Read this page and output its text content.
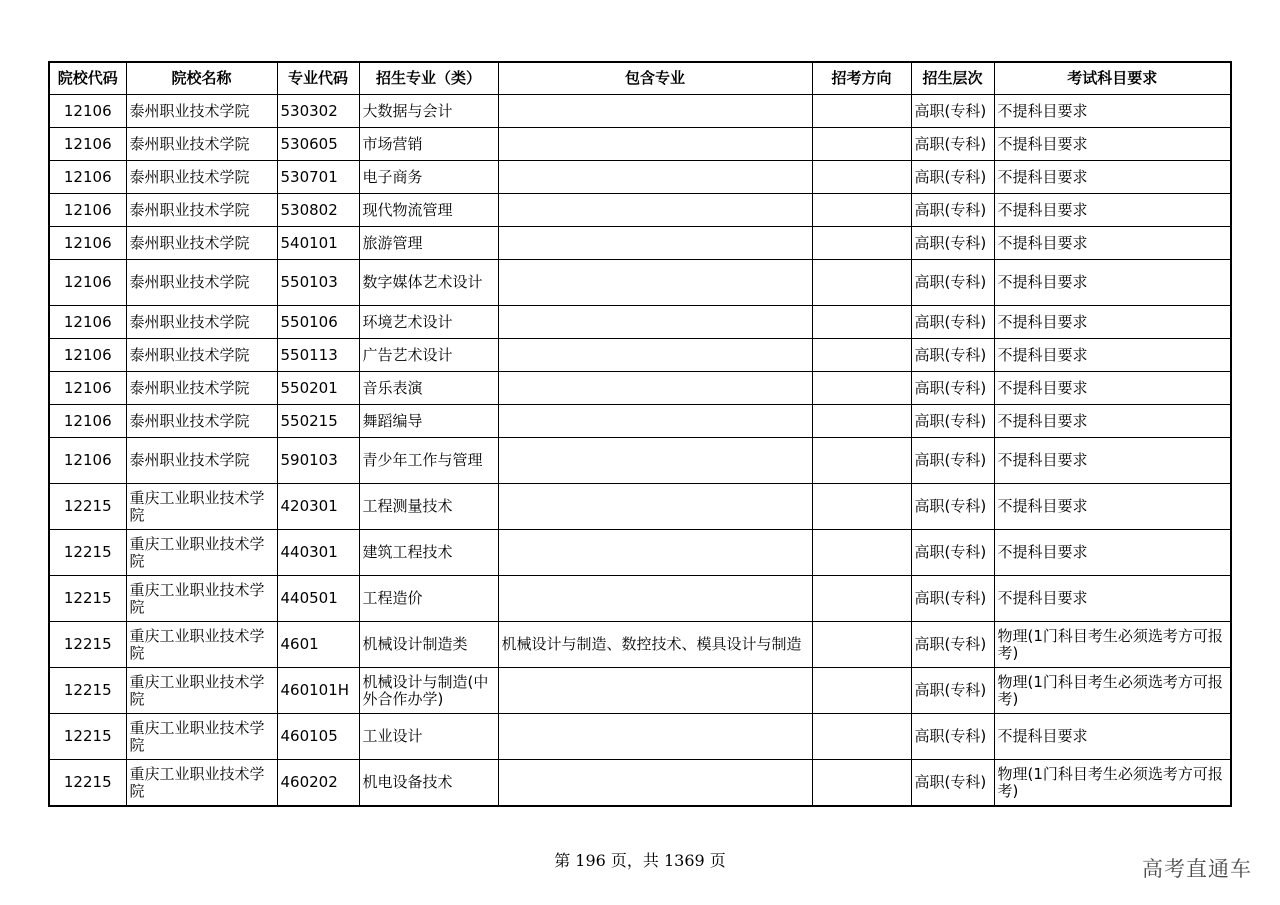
院校代码	院校名称	专业代码	招生专业（类）	包含专业	招考方向	招生层次	考试科目要求
12106	泰州职业技术学院	530302	大数据与会计			高职(专科)	不提科目要求
12106	泰州职业技术学院	530605	市场营销			高职(专科)	不提科目要求
12106	泰州职业技术学院	530701	电子商务			高职(专科)	不提科目要求
12106	泰州职业技术学院	530802	现代物流管理			高职(专科)	不提科目要求
12106	泰州职业技术学院	540101	旅游管理			高职(专科)	不提科目要求
12106	泰州职业技术学院	550103	数字媒体艺术设计			高职(专科)	不提科目要求
12106	泰州职业技术学院	550106	环境艺术设计			高职(专科)	不提科目要求
12106	泰州职业技术学院	550113	广告艺术设计			高职(专科)	不提科目要求
12106	泰州职业技术学院	550201	音乐表演			高职(专科)	不提科目要求
12106	泰州职业技术学院	550215	舞蹈编导			高职(专科)	不提科目要求
12106	泰州职业技术学院	590103	青少年工作与管理			高职(专科)	不提科目要求
12215	重庆工业职业技术学院	420301	工程测量技术			高职(专科)	不提科目要求
12215	重庆工业职业技术学院	440301	建筑工程技术			高职(专科)	不提科目要求
12215	重庆工业职业技术学院	440501	工程造价			高职(专科)	不提科目要求
12215	重庆工业职业技术学院	4601	机械设计制造类	机械设计与制造、数控技术、模具设计与制造		高职(专科)	物理(1门科目考生必须选考方可报考)
12215	重庆工业职业技术学院	460101H	机械设计与制造(中外合作办学)			高职(专科)	物理(1门科目考生必须选考方可报考)
12215	重庆工业职业技术学院	460105	工业设计			高职(专科)	不提科目要求
12215	重庆工业职业技术学院	460202	机电设备技术			高职(专科)	物理(1门科目考生必须选考方可报考)
第 196 页，共 1369 页	高考直通车
